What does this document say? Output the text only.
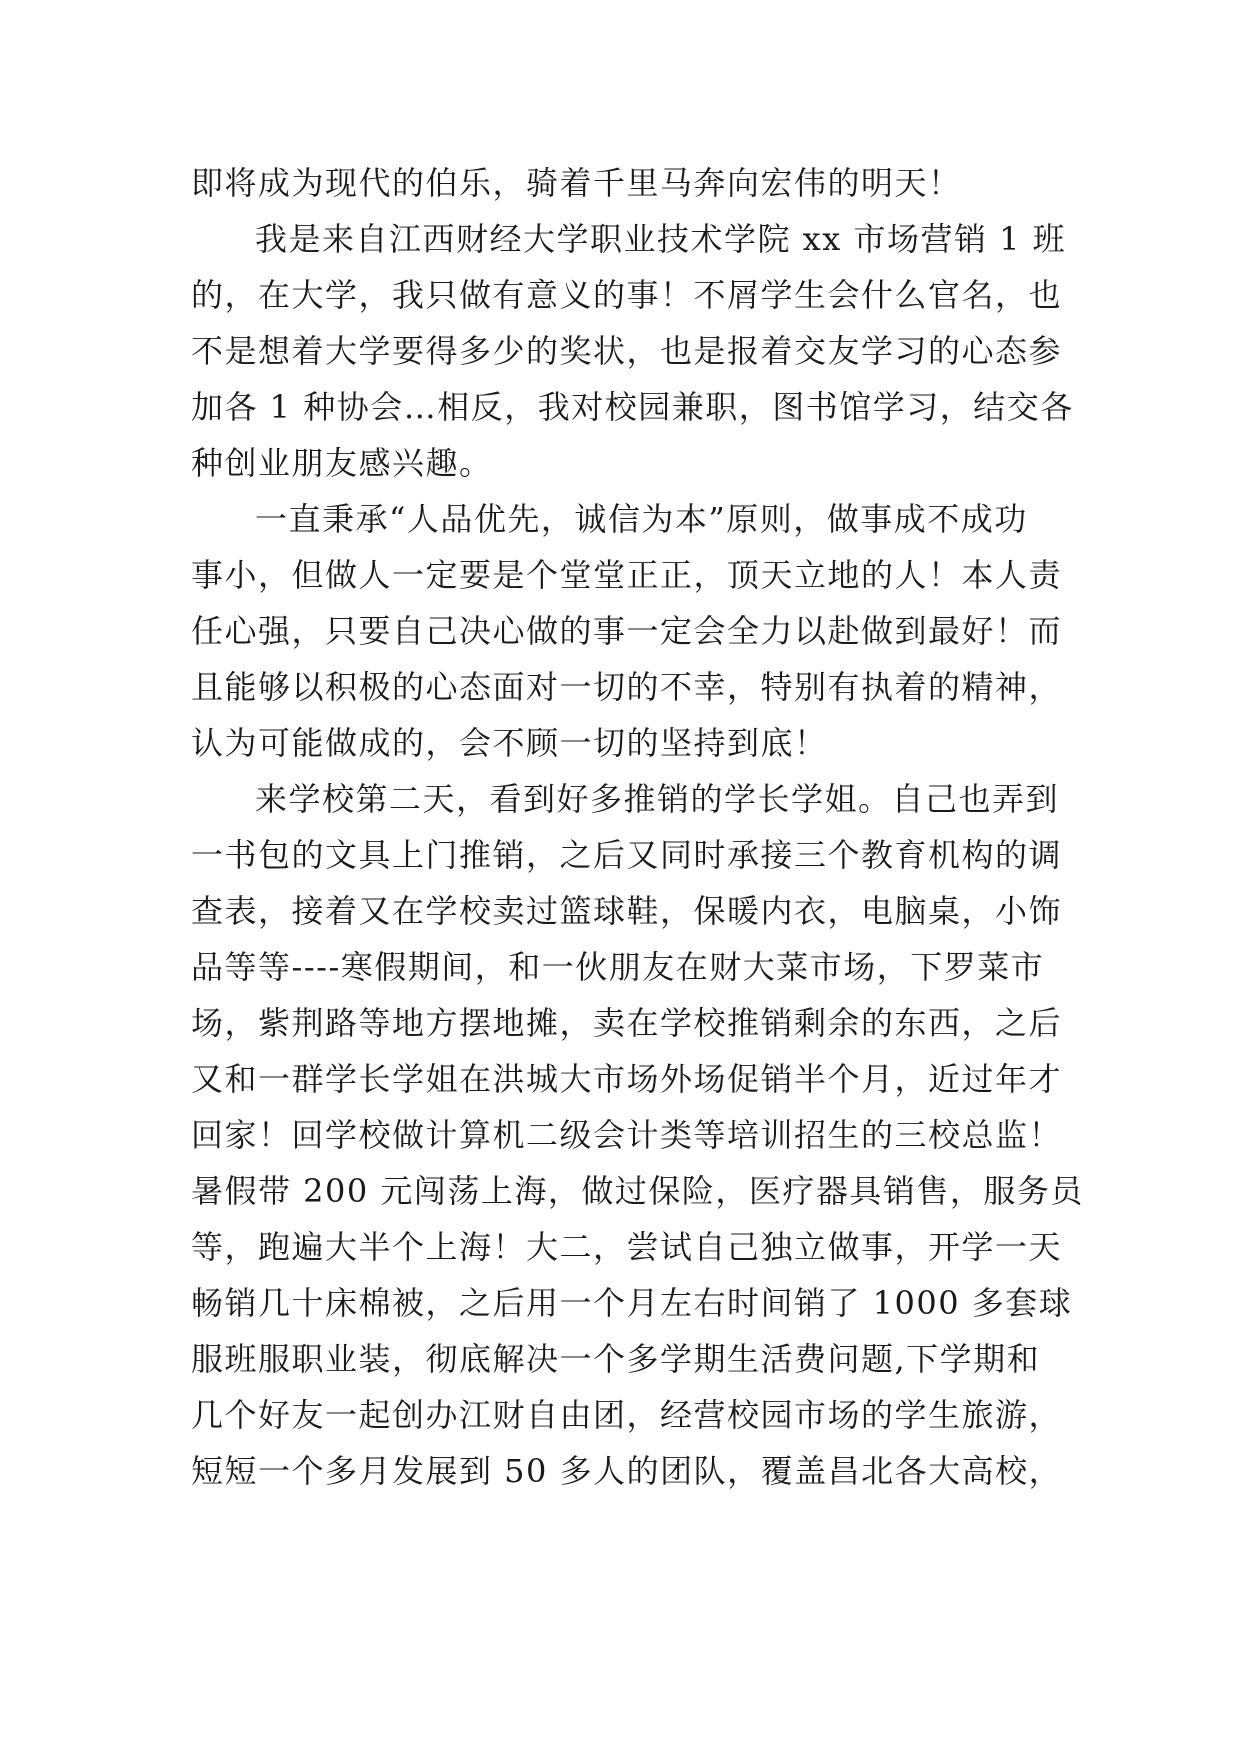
即将成为现代的伯乐，骑着千里马奔向宏伟的明天！
我是来自江西财经大学职业技术学院 xx 市场营销 1 班
的，在大学，我只做有意义的事！不屑学生会什么官名，也
不是想着大学要得多少的奖状，也是报着交友学习的心态参
加各 1 种协会…相反，我对校园兼职，图书馆学习，结交各
种创业朋友感兴趣。
一直秉承“人品优先，诚信为本”原则，做事成不成功
事小，但做人一定要是个堂堂正正，顶天立地的人！本人责
任心强，只要自己决心做的事一定会全力以赴做到最好！而
且能够以积极的心态面对一切的不幸，特别有执着的精神，
认为可能做成的，会不顾一切的坚持到底！
来学校第二天，看到好多推销的学长学姐。自己也弄到
一书包的文具上门推销，之后又同时承接三个教育机构的调
查表，接着又在学校卖过篮球鞋，保暖内衣，电脑桌，小饰
品等等----寒假期间，和一伙朋友在财大菜市场，下罗菜市
场，紫荆路等地方摆地摊，卖在学校推销剩余的东西，之后
又和一群学长学姐在洪城大市场外场促销半个月，近过年才
回家！回学校做计算机二级会计类等培训招生的三校总监！
暑假带 200 元闯荡上海，做过保险，医疗器具销售，服务员
等，跑遍大半个上海！大二，尝试自己独立做事，开学一天
畅销几十床棉被，之后用一个月左右时间销了 1000 多套球
服班服职业装，彻底解决一个多学期生活费问题,下学期和
几个好友一起创办江财自由团，经营校园市场的学生旅游，
短短一个多月发展到 50 多人的团队，覆盖昌北各大高校，
